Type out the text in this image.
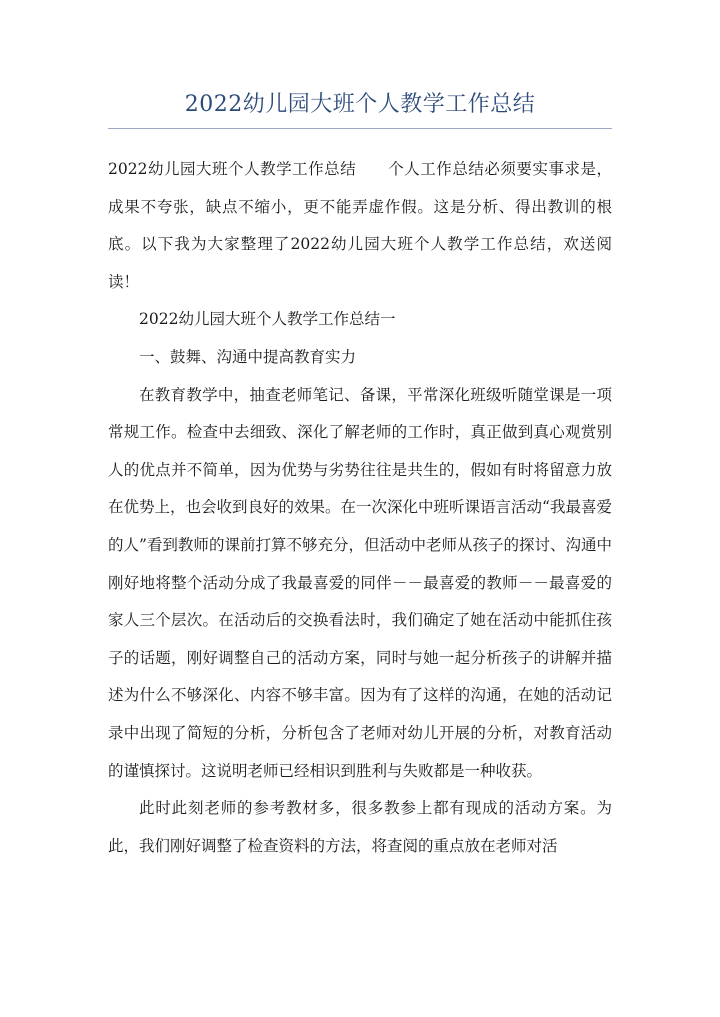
2022幼儿园大班个人教学工作总结

2022幼儿园大班个人教学工作总结　　个人工作总结必须要实事求是，成果不夸张，缺点不缩小，更不能弄虚作假。这是分析、得出教训的根底。以下我为大家整理了2022幼儿园大班个人教学工作总结，欢送阅读！

2022幼儿园大班个人教学工作总结一

一、鼓舞、沟通中提高教育实力

在教育教学中，抽查老师笔记、备课，平常深化班级听随堂课是一项常规工作。检查中去细致、深化了解老师的工作时，真正做到真心观赏别人的优点并不简单，因为优势与劣势往往是共生的，假如有时将留意力放在优势上，也会收到良好的效果。在一次深化中班听课语言活动“我最喜爱的人”看到教师的课前打算不够充分，但活动中老师从孩子的探讨、沟通中刚好地将整个活动分成了我最喜爱的同伴－－最喜爱的教师－－最喜爱的家人三个层次。在活动后的交换看法时，我们确定了她在活动中能抓住孩子的话题，刚好调整自己的活动方案，同时与她一起分析孩子的讲解并描述为什么不够深化、内容不够丰富。因为有了这样的沟通，在她的活动记录中出现了简短的分析，分析包含了老师对幼儿开展的分析，对教育活动的谨慎探讨。这说明老师已经相识到胜利与失败都是一种收获。

此时此刻老师的参考教材多，很多教参上都有现成的活动方案。为此，我们刚好调整了检查资料的方法，将查阅的重点放在老师对活
